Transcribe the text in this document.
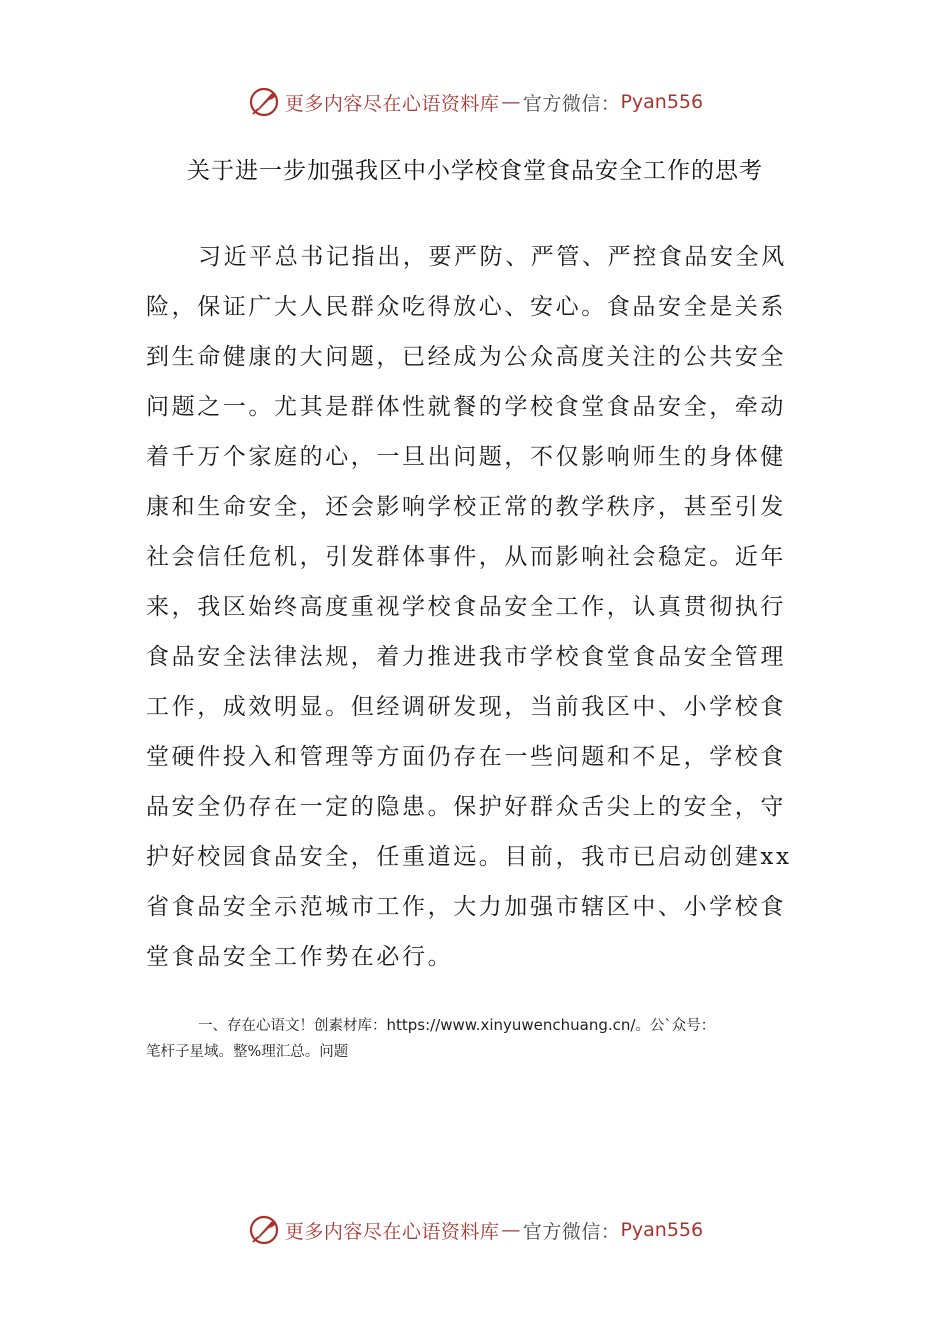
更多内容尽在心语资料库 — 官方微信： Pyan556
关于进一步加强我区中小学校食堂食品安全工作的思考
习近平总书记指出，要严防、严管、严控食品安全风
险，保证广大人民群众吃得放心、安心。食品安全是关系
到生命健康的大问题，已经成为公众高度关注的公共安全
问题之一。尤其是群体性就餐的学校食堂食品安全，牵动
着千万个家庭的心，一旦出问题，不仅影响师生的身体健
康和生命安全，还会影响学校正常的教学秩序，甚至引发
社会信任危机，引发群体事件，从而影响社会稳定。近年
来，我区始终高度重视学校食品安全工作，认真贯彻执行
食品安全法律法规，着力推进我市学校食堂食品安全管理
工作，成效明显。但经调研发现，当前我区中、小学校食
堂硬件投入和管理等方面仍存在一些问题和不足，学校食
品安全仍存在一定的隐患。保护好群众舌尖上的安全，守
护好校园食品安全，任重道远。目前，我市已启动创建xx
省食品安全示范城市工作，大力加强市辖区中、小学校食
堂食品安全工作势在必行。
一、存在心语文！创素材库：https://www.xinyuwenchuang.cn/。公`众号：
笔杆子星域。整%理汇总。问题
更多内容尽在心语资料库 — 官方微信： Pyan556
